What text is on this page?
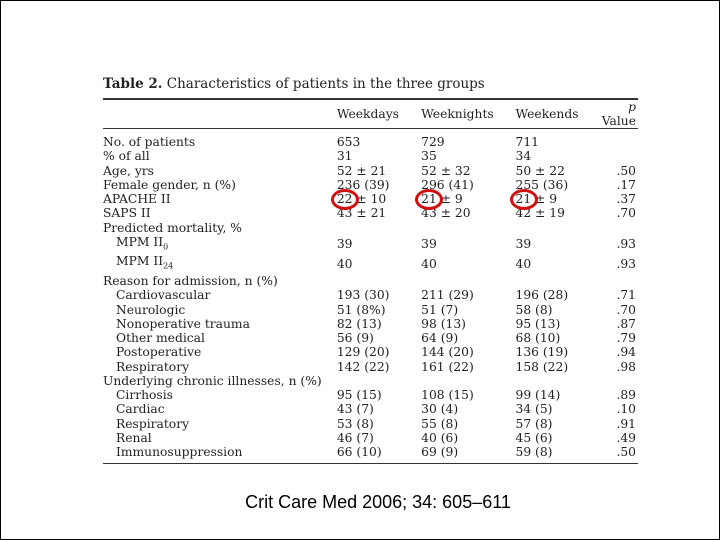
Table 2. Characteristics of patients in the three groups
	Weekdays	Weeknights	Weekends	p Value

No. of patients	653	729	711	
% of all	31	35	34	
Age, yrs	52 ± 21	52 ± 32	50 ± 22	.50
Female gender, n (%)	236 (39)	296 (41)	255 (36)	.17
APACHE II	22 ± 10	21 ± 9	21 ± 9	.37
SAPS II	43 ± 21	43 ± 20	42 ± 19	.70
Predicted mortality, %				
MPM $II_0$	39	39	39	.93
MPM $II_{24}$	40	40	40	.93
Reason for admission, n (%)				
Cardiovascular	193 (30)	211 (29)	196 (28)	.71
Neurologic	51 (8%)	51 (7)	58 (8)	.70
Nonoperative trauma	82 (13)	98 (13)	95 (13)	.87
Other medical	56 (9)	64 (9)	68 (10)	.79
Postoperative	129 (20)	144 (20)	136 (19)	.94
Respiratory	142 (22)	161 (22)	158 (22)	.98
Underlying chronic illnesses, n (%)				
Cirrhosis	95 (15)	108 (15)	99 (14)	.89
Cardiac	43 (7)	30 (4)	34 (5)	.10
Respiratory	53 (8)	55 (8)	57 (8)	.91
Renal	46 (7)	40 (6)	45 (6)	.49
Immunosuppression	66 (10)	69 (9)	59 (8)	.50
Crit Care Med 2006; 34: 605–611
